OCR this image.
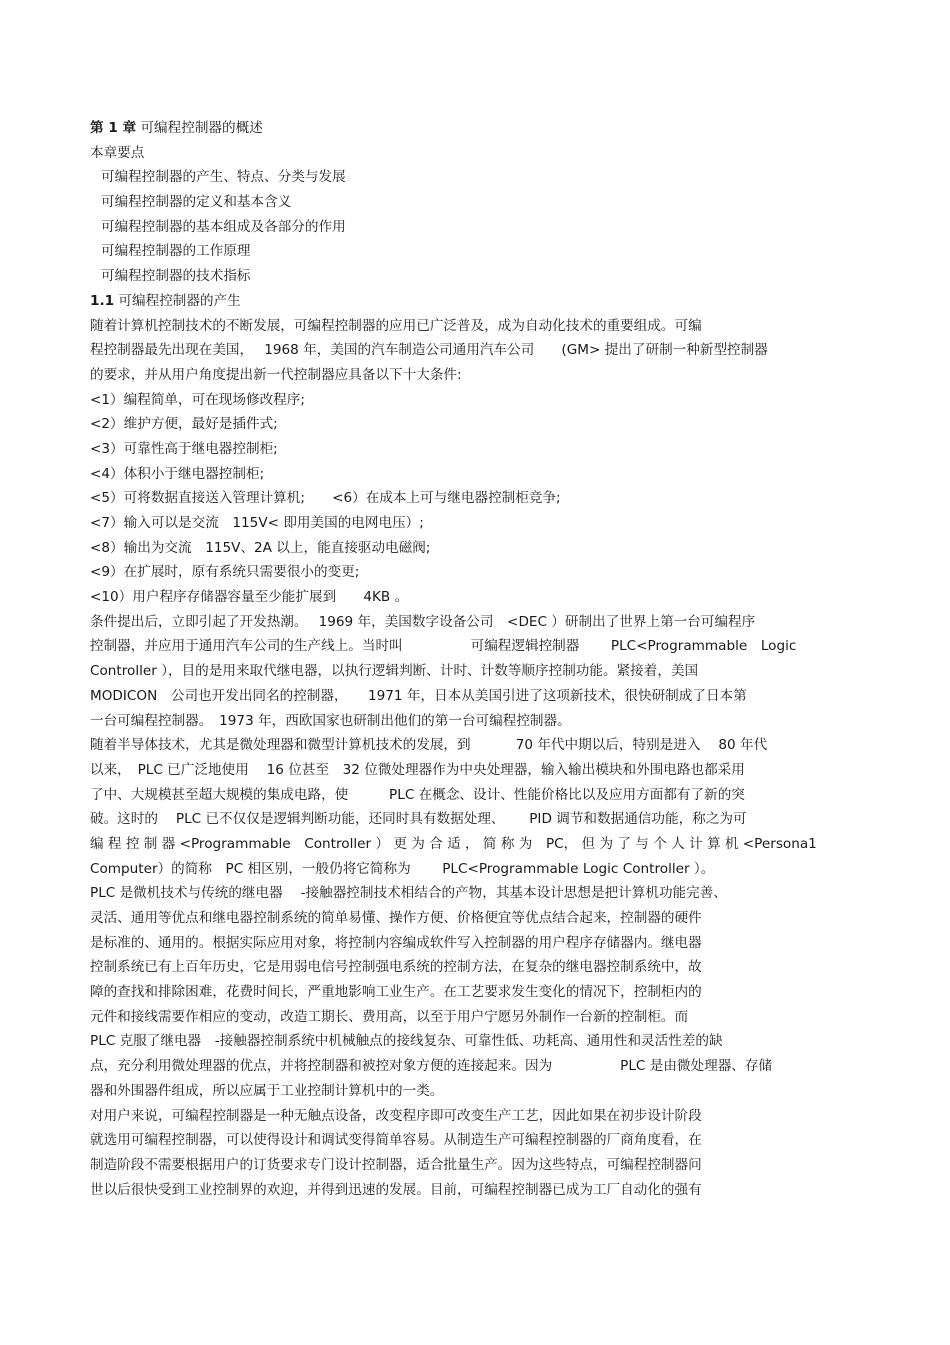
第 1 章 可编程控制器的概述
本章要点
可编程控制器的产生、特点、分类与发展
可编程控制器的定义和基本含义
可编程控制器的基本组成及各部分的作用
可编程控制器的工作原理
可编程控制器的技术指标
1.1 可编程控制器的产生
随着计算机控制技术的不断发展，可编程控制器的应用已广泛普及，成为自动化技术的重要组成。可编
程控制器最先出现在美国，　 1968 年，美国的汽车制造公司通用汽车公司　　(GM> 提出了研制一种新型控制器
的要求，并从用户角度提出新一代控制器应具备以下十大条件:
<1）编程简单，可在现场修改程序;
<2）维护方便，最好是插件式;
<3）可靠性高于继电器控制柜;
<4）体积小于继电器控制柜;
<5）可将数据直接送入管理计算机;　　<6）在成本上可与继电器控制柜竞争;
<7）输入可以是交流　115V< 即用美国的电网电压）;
<8）输出为交流　115V、2A 以上，能直接驱动电磁阀;
<9）在扩展时，原有系统只需要很小的变更;
<10）用户程序存储器容量至少能扩展到　　4KB 。
条件提出后，立即引起了开发热潮。　 1969 年，美国数字设备公司　<DEC ）研制出了世界上第一台可编程序
控制器，并应用于通用汽车公司的生产线上。当时叫　　　　　可编程逻辑控制器　　 PLC<Programmable　Logic
Controller ），目的是用来取代继电器，以执行逻辑判断、计时、计数等顺序控制功能。紧接着，美国
MODICON　公司也开发出同名的控制器，　　1971 年，日本从美国引进了这项新技术，很快研制成了日本第
一台可编程控制器。　1973 年，西欧国家也研制出他们的第一台可编程控制器。
随着半导体技术，尤其是微处理器和微型计算机技术的发展，到　　　 70 年代中期以后，特别是进入　 80 年代
以来，　PLC 已广泛地使用　 16 位甚至　32 位微处理器作为中央处理器，输入输出模块和外围电路也都采用
了中、大规模甚至超大规模的集成电路，使　　　PLC 在概念、设计、性能价格比以及应用方面都有了新的突
破。这时的　 PLC 已不仅仅是逻辑判断功能，还同时具有数据处理、　　 PID 调节和数据通信功能，称之为可
编 程 控 制 器 <Programmable　Controller ） 更 为 合 适 ， 简 称 为　PC， 但 为 了 与 个 人 计 算 机 <Persona1
Computer）的简称　PC 相区别，一般仍将它简称为　　 PLC<Programmable Logic Controller ）。
PLC 是微机技术与传统的继电器　 -接触器控制技术相结合的产物，其基本设计思想是把计算机功能完善、
灵活、通用等优点和继电器控制系统的简单易懂、操作方便、价格便宜等优点结合起来，控制器的硬件
是标准的、通用的。根据实际应用对象，将控制内容编成软件写入控制器的用户程序存储器内。继电器
控制系统已有上百年历史，它是用弱电信号控制强电系统的控制方法，在复杂的继电器控制系统中，故
障的查找和排除困难，花费时间长，严重地影响工业生产。在工艺要求发生变化的情况下，控制柜内的
元件和接线需要作相应的变动，改造工期长、费用高，以至于用户宁愿另外制作一台新的控制柜。而
PLC 克服了继电器　-接触器控制系统中机械触点的接线复杂、可靠性低、功耗高、通用性和灵活性差的缺
点，充分利用微处理器的优点，并将控制器和被控对象方便的连接起来。因为　　　　　PLC 是由微处理器、存储
器和外围器件组成，所以应属于工业控制计算机中的一类。
对用户来说，可编程控制器是一种无触点设备，改变程序即可改变生产工艺，因此如果在初步设计阶段
就选用可编程控制器，可以使得设计和调试变得简单容易。从制造生产可编程控制器的厂商角度看，在
制造阶段不需要根据用户的订货要求专门设计控制器，适合批量生产。因为这些特点，可编程控制器问
世以后很快受到工业控制界的欢迎，并得到迅速的发展。目前，可编程控制器已成为工厂自动化的强有
